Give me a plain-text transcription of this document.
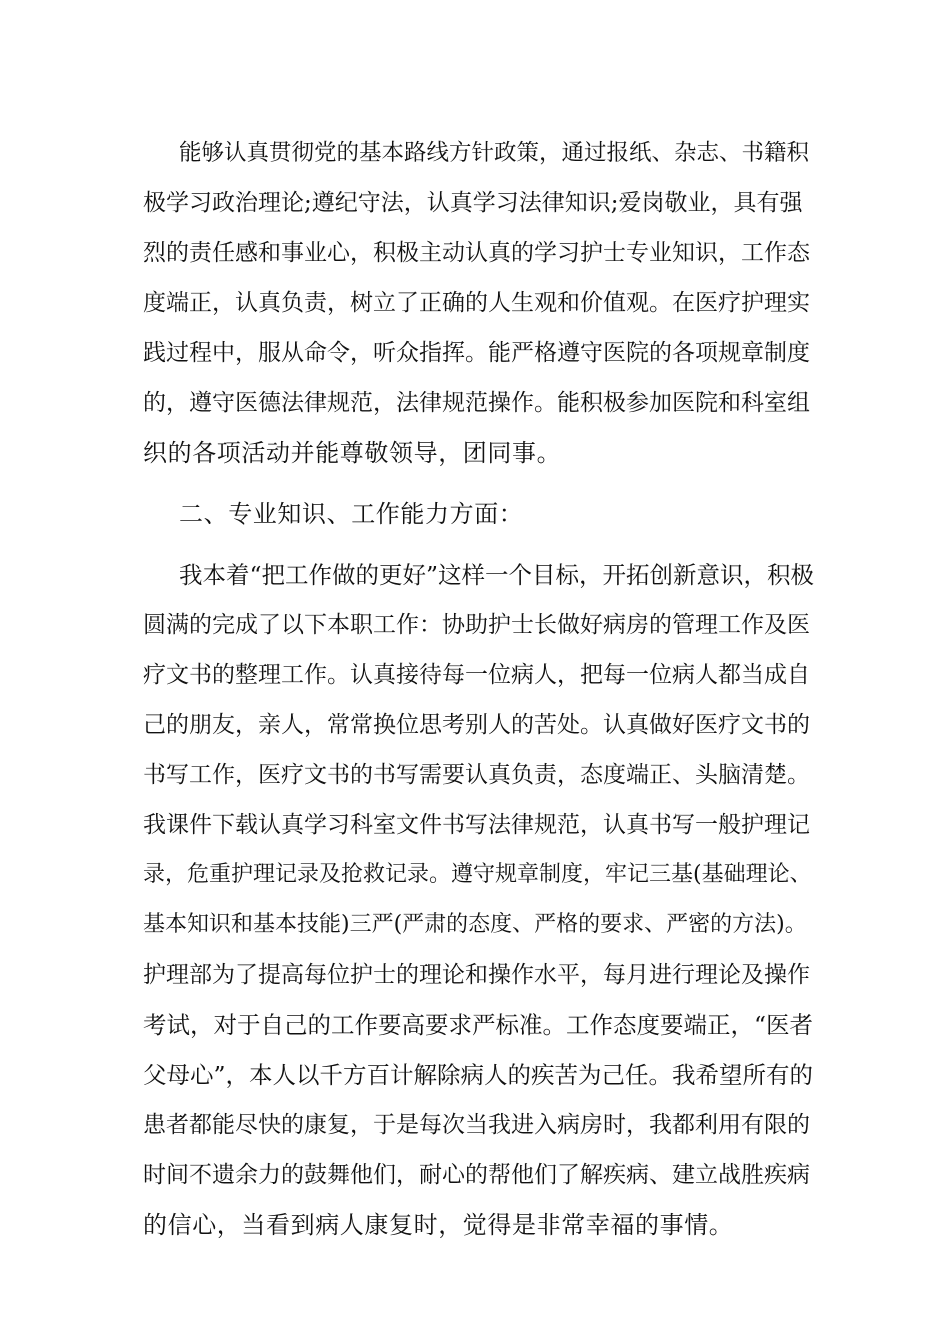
能够认真贯彻党的基本路线方针政策，通过报纸、杂志、书籍积
极学习政治理论;遵纪守法，认真学习法律知识;爱岗敬业，具有强
烈的责任感和事业心，积极主动认真的学习护士专业知识，工作态
度端正，认真负责，树立了正确的人生观和价值观。在医疗护理实
践过程中，服从命令，听众指挥。能严格遵守医院的各项规章制度
的，遵守医德法律规范，法律规范操作。能积极参加医院和科室组
织的各项活动并能尊敬领导，团同事。
二、专业知识、工作能力方面：
我本着“把工作做的更好”这样一个目标，开拓创新意识，积极
圆满的完成了以下本职工作：协助护士长做好病房的管理工作及医
疗文书的整理工作。认真接待每一位病人，把每一位病人都当成自
己的朋友，亲人，常常换位思考别人的苦处。认真做好医疗文书的
书写工作，医疗文书的书写需要认真负责，态度端正、头脑清楚。
我课件下载认真学习科室文件书写法律规范，认真书写一般护理记
录，危重护理记录及抢救记录。遵守规章制度，牢记三基(基础理论、
基本知识和基本技能)三严(严肃的态度、严格的要求、严密的方法)。
护理部为了提高每位护士的理论和操作水平，每月进行理论及操作
考试，对于自己的工作要高要求严标准。工作态度要端正，“医者
父母心”，本人以千方百计解除病人的疾苦为己任。我希望所有的
患者都能尽快的康复，于是每次当我进入病房时，我都利用有限的
时间不遗余力的鼓舞他们，耐心的帮他们了解疾病、建立战胜疾病
的信心，当看到病人康复时，觉得是非常幸福的事情。
